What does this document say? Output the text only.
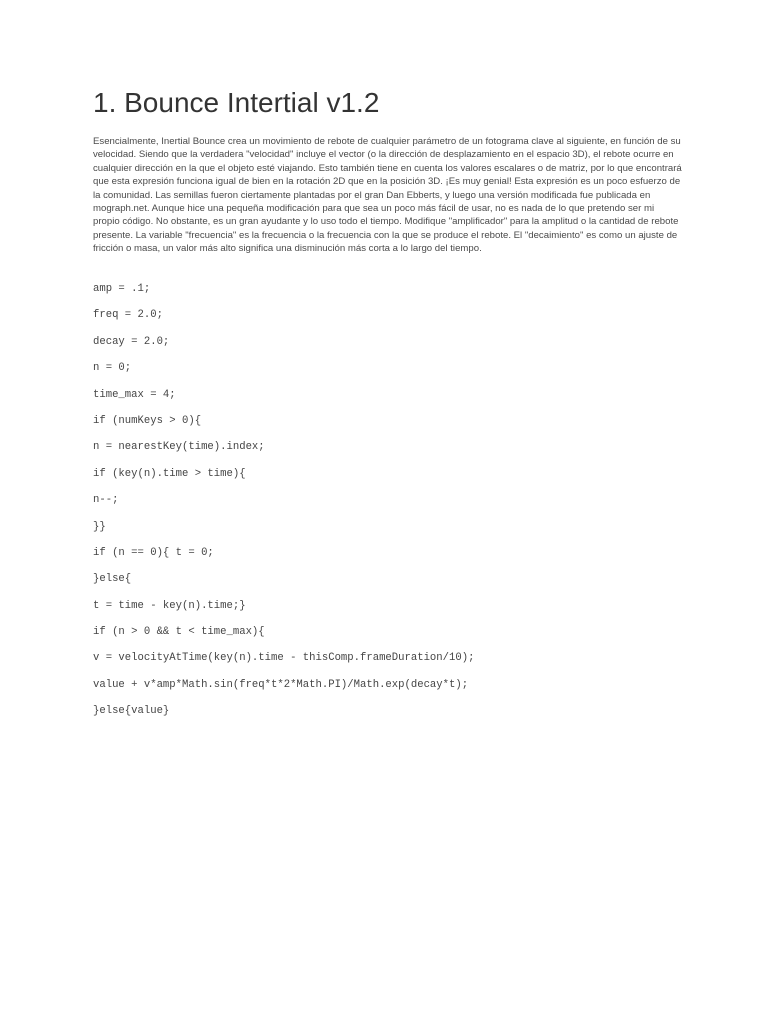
1. Bounce Intertial v1.2

Esencialmente, Inertial Bounce crea un movimiento de rebote de cualquier parámetro de un fotograma clave al siguiente, en función de su velocidad. Siendo que la verdadera "velocidad" incluye el vector (o la dirección de desplazamiento en el espacio 3D), el rebote ocurre en cualquier dirección en la que el objeto esté viajando. Esto también tiene en cuenta los valores escalares o de matriz, por lo que encontrará que esta expresión funciona igual de bien en la rotación 2D que en la posición 3D. ¡Es muy genial! Esta expresión es un poco esfuerzo de la comunidad. Las semillas fueron ciertamente plantadas por el gran Dan Ebberts, y luego una versión modificada fue publicada en mograph.net. Aunque hice una pequeña modificación para que sea un poco más fácil de usar, no es nada de lo que pretendo ser mi propio código. No obstante, es un gran ayudante y lo uso todo el tiempo. Modifique "amplificador" para la amplitud o la cantidad de rebote presente. La variable "frecuencia" es la frecuencia o la frecuencia con la que se produce el rebote. El "decaimiento" es como un ajuste de fricción o masa, un valor más alto significa una disminución más corta a lo largo del tiempo.

amp = .1;
freq = 2.0;
decay = 2.0;
n = 0;
time_max = 4;
if (numKeys > 0){
n = nearestKey(time).index;
if (key(n).time > time){
n--;
}}
if (n == 0){ t = 0;
}else{
t = time - key(n).time;}
if (n > 0 && t < time_max){
v = velocityAtTime(key(n).time - thisComp.frameDuration/10);
value + v*amp*Math.sin(freq*t*2*Math.PI)/Math.exp(decay*t);
}else{value}
